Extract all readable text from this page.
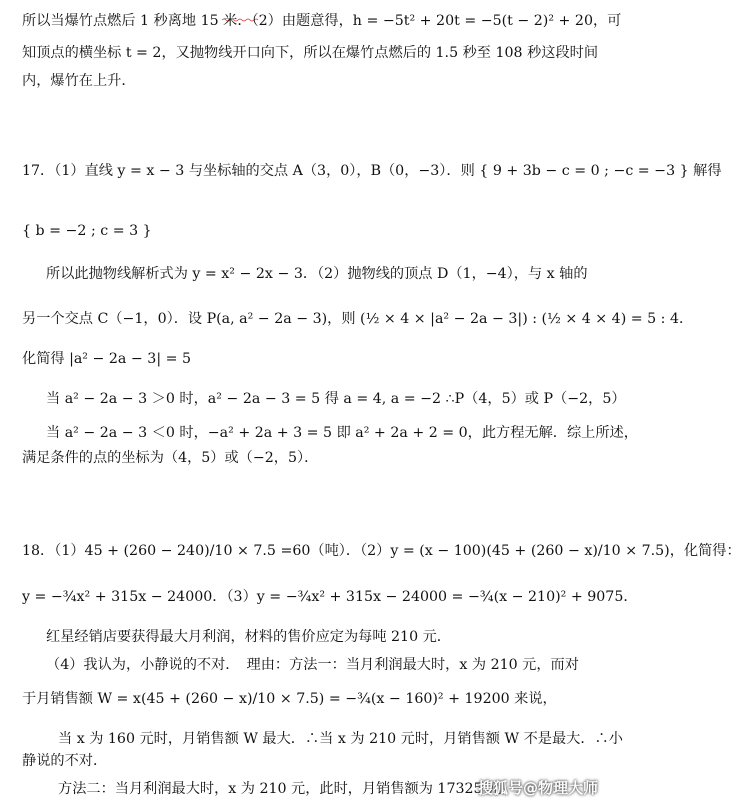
所以当爆竹点燃后 1 秒离地 15 米．（2）由题意得，h = −5t² + 20t = −5(t − 2)² + 20，可
知顶点的横坐标 t = 2，又抛物线开口向下，所以在爆竹点燃后的 1.5 秒至 108 秒这段时间
内，爆竹在上升．
17．（1）直线 y = x − 3 与坐标轴的交点 A（3，0），B（0，−3）．则 { 9 + 3b − c = 0 ; −c = −3 } 解得
{ b = −2 ; c = 3 }
所以此抛物线解析式为 y = x² − 2x − 3．（2）抛物线的顶点 D（1，−4），与 x 轴的
另一个交点 C（−1，0）．设 P(a, a² − 2a − 3)，则 (½ × 4 × |a² − 2a − 3|) : (½ × 4 × 4) = 5 : 4．
化简得 |a² − 2a − 3| = 5
当 a² − 2a − 3 ＞0 时，a² − 2a − 3 = 5 得 a = 4, a = −2 ∴P（4，5）或 P（−2，5）
当 a² − 2a − 3 ＜0 时，−a² + 2a + 3 = 5 即 a² + 2a + 2 = 0，此方程无解．综上所述，
满足条件的点的坐标为（4，5）或（−2，5）．
18．（1）45 + (260 − 240)/10 × 7.5 =60（吨）．（2）y = (x − 100)(45 + (260 − x)/10 × 7.5)，化简得：
y = −¾x² + 315x − 24000．（3）y = −¾x² + 315x − 24000 = −¾(x − 210)² + 9075．
红星经销店要获得最大月利润，材料的售价应定为每吨 210 元．
（4）我认为，小静说的不对．　理由：方法一：当月利润最大时，x 为 210 元，而对
于月销售额 W = x(45 + (260 − x)/10 × 7.5) = −¾(x − 160)² + 19200 来说，
当 x 为 160 元时，月销售额 W 最大．∴当 x 为 210 元时，月销售额 W 不是最大．∴小
静说的不对．
方法二：当月利润最大时，x 为 210 元，此时，月销售额为 17325 元
搜狐号@物理大师
